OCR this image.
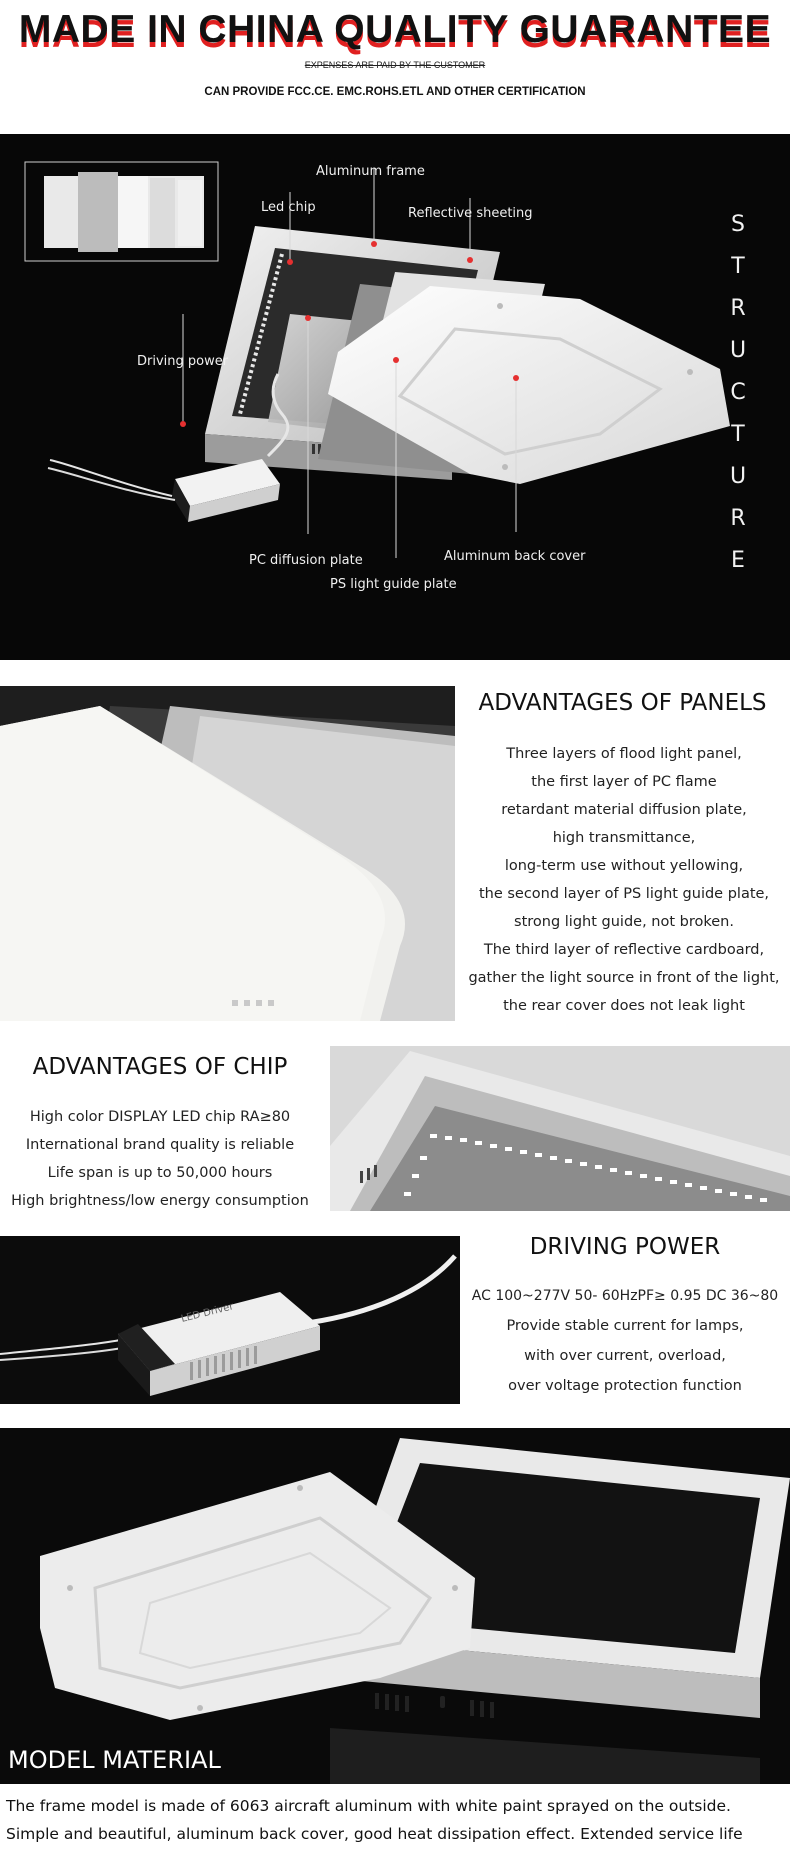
MADE IN CHINA QUALITY GUARANTEE
EXPENSES ARE PAID BY THE CUSTOMER
CAN PROVIDE FCC.CE. EMC.ROHS.ETL AND OTHER CERTIFICATION
Aluminum frame
Led chip	Reflective sheeting
Driving power
PC diffusion plate
PS light guide plate
Aluminum back cover
S
T
R
U
C
T
U
R
E
ADVANTAGES OF PANELS
Three layers of flood light panel,
the first layer of PC flame
retardant material diffusion plate,
high transmittance,
long-term use without yellowing,
the second layer of PS light guide plate,
strong light guide, not broken.
The third layer of reflective cardboard,
gather the light source in front of the light,
the rear cover does not leak light
ADVANTAGES OF CHIP
High color DISPLAY LED chip RA≥80
International brand quality is reliable
Life span is up to 50,000 hours
High brightness/low energy consumption
LED Driver
DRIVING POWER
AC 100~277V 50- 60HzPF≥ 0.95 DC 36~80
Provide stable current for lamps,
with over current, overload,
over voltage protection function
MODEL MATERIAL
The frame model is made of 6063 aircraft aluminum with white paint sprayed on the outside.
Simple and beautiful, aluminum back cover, good heat dissipation effect. Extended service life
